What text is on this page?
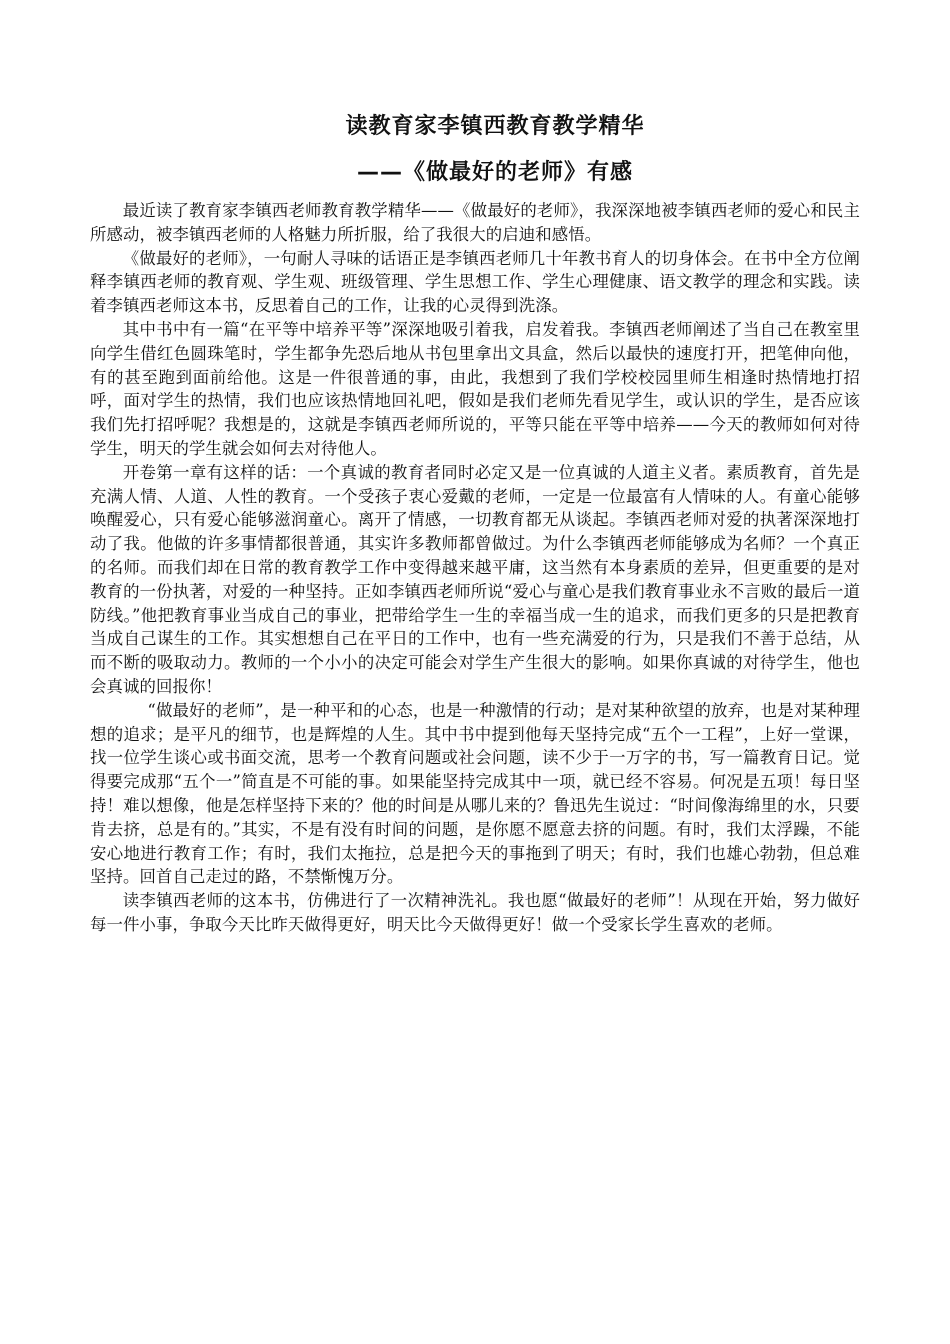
读教育家李镇西教育教学精华
——《做最好的老师》有感

最近读了教育家李镇西老师教育教学精华——《做最好的老师》，我深深地被李镇西老师的爱心和民主所感动，被李镇西老师的人格魅力所折服，给了我很大的启迪和感悟。

《做最好的老师》，一句耐人寻味的话语正是李镇西老师几十年教书育人的切身体会。在书中全方位阐释李镇西老师的教育观、学生观、班级管理、学生思想工作、学生心理健康、语文教学的理念和实践。读着李镇西老师这本书，反思着自己的工作，让我的心灵得到洗涤。

其中书中有一篇“在平等中培养平等”深深地吸引着我，启发着我。李镇西老师阐述了当自己在教室里向学生借红色圆珠笔时，学生都争先恐后地从书包里拿出文具盒，然后以最快的速度打开，把笔伸向他，有的甚至跑到面前给他。这是一件很普通的事，由此，我想到了我们学校校园里师生相逢时热情地打招呼，面对学生的热情，我们也应该热情地回礼吧，假如是我们老师先看见学生，或认识的学生，是否应该我们先打招呼呢？我想是的，这就是李镇西老师所说的，平等只能在平等中培养——今天的教师如何对待学生，明天的学生就会如何去对待他人。

开卷第一章有这样的话：一个真诚的教育者同时必定又是一位真诚的人道主义者。素质教育，首先是充满人情、人道、人性的教育。一个受孩子衷心爱戴的老师，一定是一位最富有人情味的人。有童心能够唤醒爱心，只有爱心能够滋润童心。离开了情感，一切教育都无从谈起。李镇西老师对爱的执著深深地打动了我。他做的许多事情都很普通，其实许多教师都曾做过。为什么李镇西老师能够成为名师？一个真正的名师。而我们却在日常的教育教学工作中变得越来越平庸，这当然有本身素质的差异，但更重要的是对教育的一份执著，对爱的一种坚持。正如李镇西老师所说“爱心与童心是我们教育事业永不言败的最后一道防线。”他把教育事业当成自己的事业，把带给学生一生的幸福当成一生的追求，而我们更多的只是把教育当成自己谋生的工作。其实想想自己在平日的工作中，也有一些充满爱的行为，只是我们不善于总结，从而不断的吸取动力。教师的一个小小的决定可能会对学生产生很大的影响。如果你真诚的对待学生，他也会真诚的回报你！

“做最好的老师”，是一种平和的心态，也是一种激情的行动；是对某种欲望的放弃，也是对某种理想的追求；是平凡的细节，也是辉煌的人生。其中书中提到他每天坚持完成“五个一工程”，上好一堂课，找一位学生谈心或书面交流，思考一个教育问题或社会问题，读不少于一万字的书，写一篇教育日记。觉得要完成那“五个一”简直是不可能的事。如果能坚持完成其中一项，就已经不容易。何况是五项！每日坚持！难以想像，他是怎样坚持下来的？他的时间是从哪儿来的？鲁迅先生说过：“时间像海绵里的水，只要肯去挤，总是有的。”其实，不是有没有时间的问题，是你愿不愿意去挤的问题。有时，我们太浮躁，不能安心地进行教育工作；有时，我们太拖拉，总是把今天的事拖到了明天；有时，我们也雄心勃勃，但总难坚持。回首自己走过的路，不禁惭愧万分。

读李镇西老师的这本书，仿佛进行了一次精神洗礼。我也愿“做最好的老师”！从现在开始，努力做好每一件小事，争取今天比昨天做得更好，明天比今天做得更好！做一个受家长学生喜欢的老师。
